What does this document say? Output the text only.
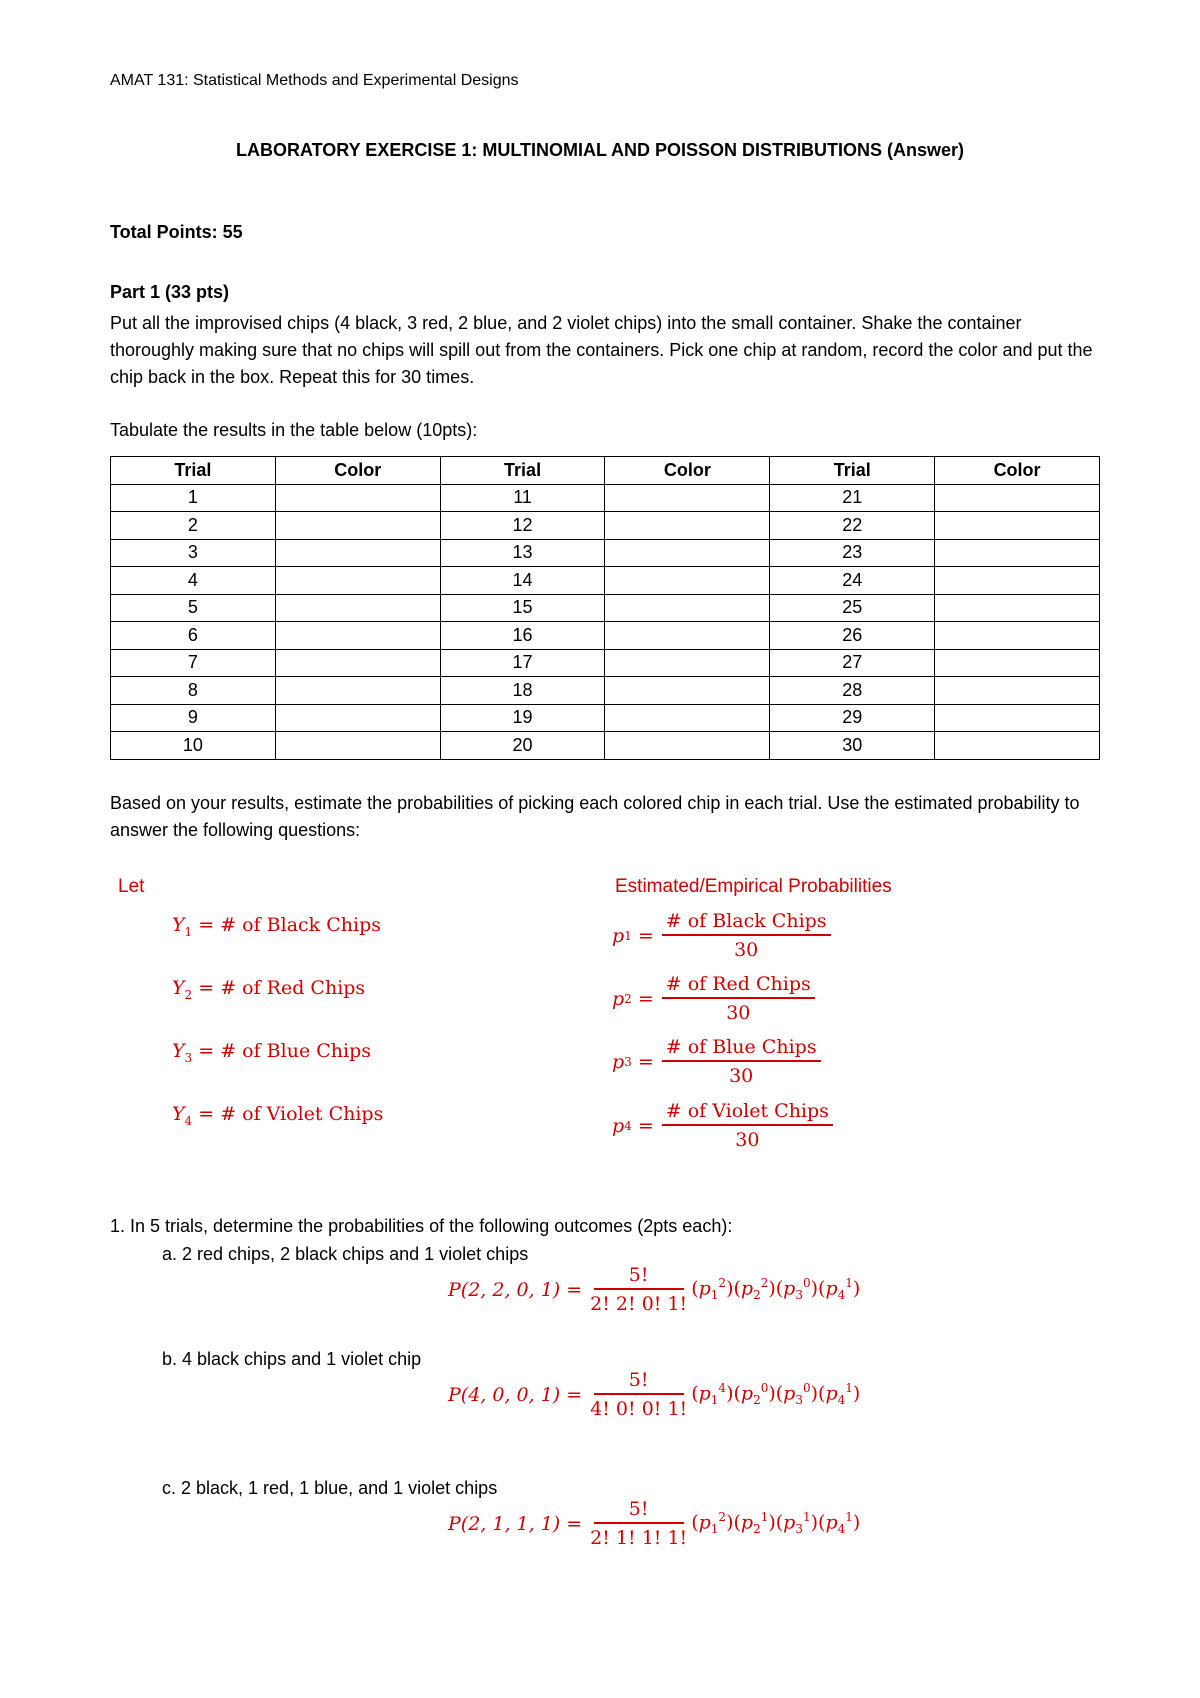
AMAT 131: Statistical Methods and Experimental Designs
LABORATORY EXERCISE 1: MULTINOMIAL AND POISSON DISTRIBUTIONS (Answer)
Total Points: 55
Part 1 (33 pts)
Put all the improvised chips (4 black, 3 red, 2 blue, and 2 violet chips) into the small container. Shake the container thoroughly making sure that no chips will spill out from the containers. Pick one chip at random, record the color and put the chip back in the box. Repeat this for 30 times.
Tabulate the results in the table below (10pts):
Trial	Color	Trial	Color	Trial	Color
1		11		21	
2		12		22	
3		13		23	
4		14		24	
5		15		25	
6		16		26	
7		17		27	
8		18		28	
9		19		29	
10		20		30	
Based on your results, estimate the probabilities of picking each colored chip in each trial. Use the estimated probability to answer the following questions:
Let	Estimated/Empirical Probabilities
$Y_1$ = # of Black Chips
$Y_2$ = # of Red Chips
$Y_3$ = # of Blue Chips
$Y_4$ = # of Violet Chips
p 1
= $\frac{\text{\# of Black Chips}}{30}$
p 2
= $\frac{\text{\# of Red Chips}}{30}$
p 3
= $\frac{\text{\# of Blue Chips}}{30}$
p 4
= $\frac{\text{\# of Violet Chips}}{30}$
1. In 5 trials, determine the probabilities of the following outcomes (2pts each):
a. 2 red chips, 2 black chips and 1 violet chips
P(2, 2, 0, $1) = \frac{5!}{2! 2! 0! 1!} (p_1^2)(p_2^2)(p_3^0)(p_4^1)$
b. 4 black chips and 1 violet chip
P(4, 0, 0, $1) = \frac{5!}{4! 0! 0! 1!} (p_1^4)(p_2^0)(p_3^0)(p_4^1)$
c. 2 black, 1 red, 1 blue, and 1 violet chips
P(2, 1, 1, $1) = \frac{5!}{2! 1! 1! 1!} (p_1^2)(p_2^1)(p_3^1)(p_4^1)$
